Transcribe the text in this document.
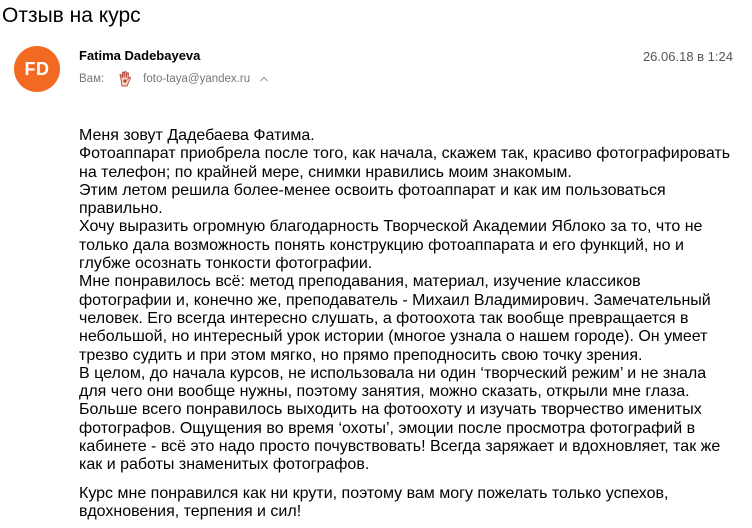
Отзыв на курс
FD
Fatima Dadebayeva	26.06.18 в 1:24
Вам:	foto-taya@yandex.ru

Меня зовут Дадебаева Фатима.

Фотоаппарат приобрела после того, как начала, скажем так, красиво фотографировать

на телефон; по крайней мере, снимки нравились моим знакомым.

Этим летом решила более-менее освоить фотоаппарат и как им пользоваться

правильно.

Хочу выразить огромную благодарность Творческой Академии Яблоко за то, что не

только дала возможность понять конструкцию фотоаппарата и его функций, но и

глубже осознать тонкости фотографии.

Мне понравилось всё: метод преподавания, материал, изучение классиков

фотографии и, конечно же, преподаватель - Михаил Владимирович. Замечательный

человек. Его всегда интересно слушать, а фотоохота так вообще превращается в

небольшой, но интересный урок истории (многое узнала о нашем городе). Он умеет

трезво судить и при этом мягко, но прямо преподносить свою точку зрения.

В целом, до начала курсов, не использовала ни один ‘творческий режим’ и не знала

для чего они вообще нужны, поэтому занятия, можно сказать, открыли мне глаза.

Больше всего понравилось выходить на фотоохоту и изучать творчество именитых

фотографов. Ощущения во время ‘охоты’, эмоции после просмотра фотографий в

кабинете - всё это надо просто почувствовать! Всегда заряжает и вдохновляет, так же

как и работы знаменитых фотографов.

Курс мне понравился как ни крути, поэтому вам могу пожелать только успехов,

вдохновения, терпения и сил!
